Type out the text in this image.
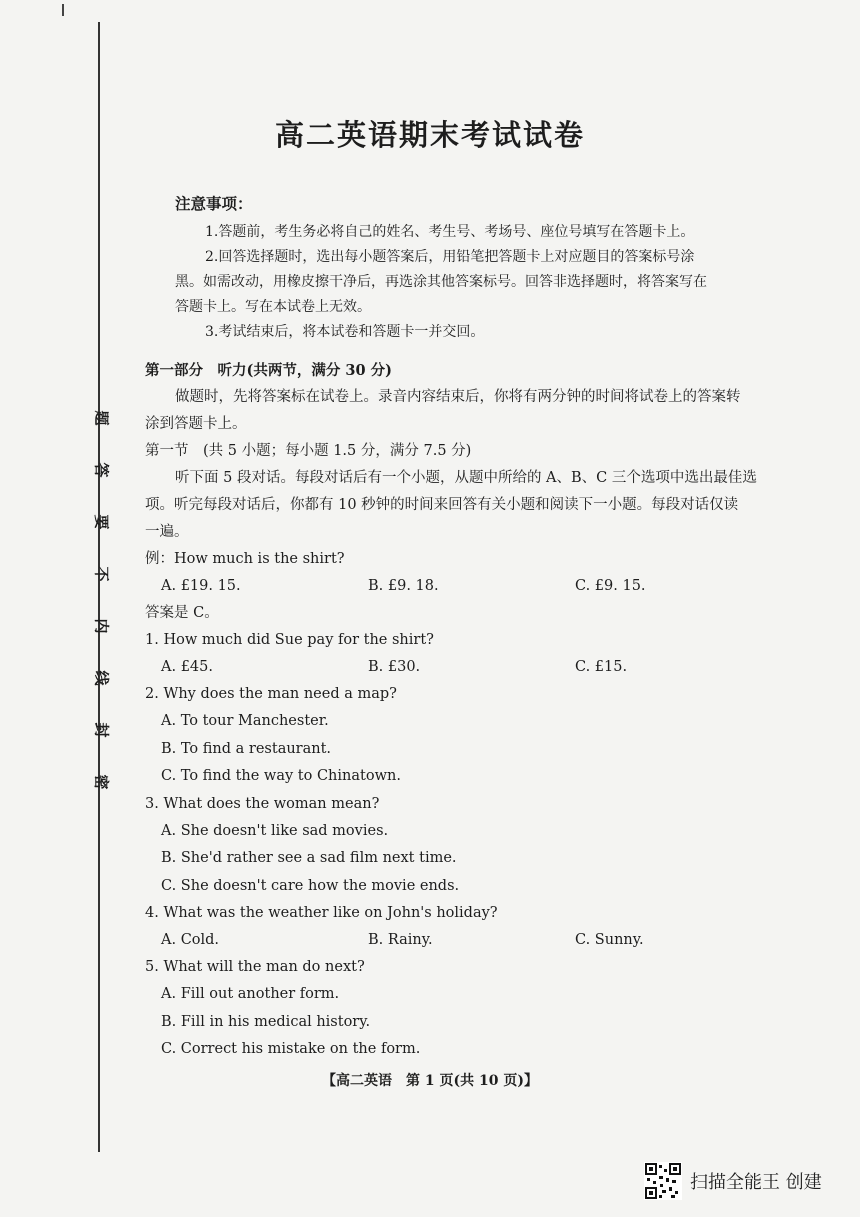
题
答
要
不
内
线
封
密
高二英语期末考试试卷
注意事项：

1.答题前，考生务必将自己的姓名、考生号、考场号、座位号填写在答题卡上。

2.回答选择题时，选出每小题答案后，用铅笔把答题卡上对应题目的答案标号涂

黑。如需改动，用橡皮擦干净后，再选涂其他答案标号。回答非选择题时，将答案写在

答题卡上。写在本试卷上无效。

3.考试结束后，将本试卷和答题卡一并交回。

第一部分　听力(共两节，满分 30 分)

做题时，先将答案标在试卷上。录音内容结束后，你将有两分钟的时间将试卷上的答案转

涂到答题卡上。

第一节　(共 5 小题；每小题 1.5 分，满分 7.5 分)

听下面 5 段对话。每段对话后有一个小题，从题中所给的 A、B、C 三个选项中选出最佳选

项。听完每段对话后，你都有 10 秒钟的时间来回答有关小题和阅读下一小题。每段对话仅读

一遍。

例：How much is the shirt?

A. £19. 15.	B. £9. 18.	C. £9. 15.

答案是 C。

1. How much did Sue pay for the shirt?

A. £45.	B. £30.	C. £15.

2. Why does the man need a map?

A. To tour Manchester.
B. To find a restaurant.
C. To find the way to Chinatown.

3. What does the woman mean?

A. She doesn't like sad movies.
B. She'd rather see a sad film next time.
C. She doesn't care how the movie ends.

4. What was the weather like on John's holiday?

A. Cold.	B. Rainy.	C. Sunny.

5. What will the man do next?

A. Fill out another form.
B. Fill in his medical history.
C. Correct his mistake on the form.
【高二英语　第 1 页(共 10 页)】
扫描全能王 创建
